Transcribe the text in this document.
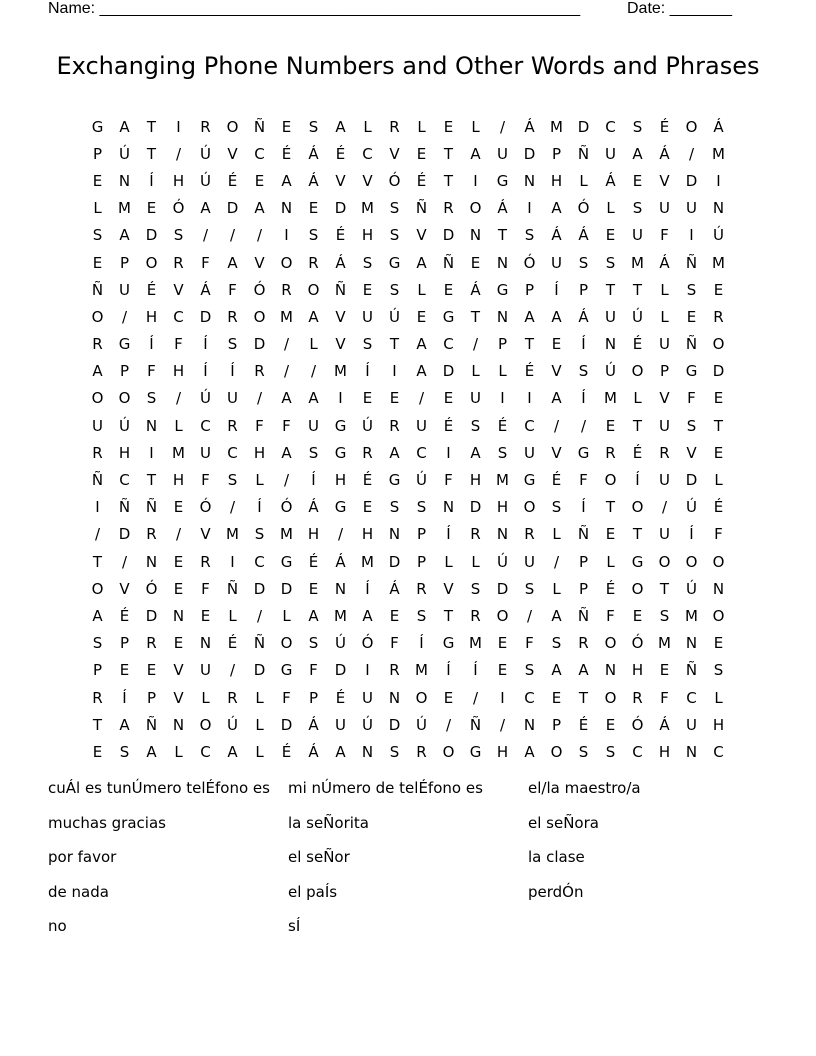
Name: ______________________________________________________	Date: _______
Exchanging Phone Numbers and Other Words and Phrases
G	A	T	I	R	O	Ñ	E	S	A	L	R	L	E	L	/	Á	M D	C	S	É	O	Á
P	Ú	T	/	Ú	V	C	É	Á	É	C	V	E	T	A	U	D	P	Ñ	U	A	Á	/	M
E	N	Í	H	Ú	É	E	A	Á	V	V	Ó	É	T	I	G	N	H	L	Á	E	V	D	I
L	M	E	Ó	A	D	A	N	E	D M	S	Ñ	R	O	Á	I	A	Ó	L	S	U	U	N
S	A	D	S	/	/	/	I	S	É	H	S	V	D	N	T	S	Á	Á	E	U	F	I	Ú
E	P	O	R	F	A	V	O	R	Á	S	G	A	Ñ	E	N	Ó	U	S	S	M	Á	Ñ M
Ñ	U	É	V	Á	F	Ó	R	O	Ñ	E	S	L	E	Á	G	P	Í	P	T	T	L	S	E
O	/	H	C	D	R	O M	A	V	U	Ú	E	G	T	N	A	A	Á	U	Ú	L	E	R
R	G	Í	F	Í	S	D	/	L	V	S	T	A	C	/	P	T	E	Í	N	É	U	Ñ	O
A	P	F	H	Í	Í	R	/	/	M	Í	I	A	D	L	L	É	V	S	Ú	O	P	G	D
O	O	S	/	Ú	U	/	A	A	I	E	E	/	E	U	I	I	A	Í	M	L	V	F	E
U	Ú	N	L	C	R	F	F	U	G	Ú	R	U	É	S	É	C	/	/	E	T	U	S	T
R	H	I	M	U	C	H	A	S	G	R	A	C	I	A	S	U	V	G	R	É	R	V	E
Ñ	C	T	H	F	S	L	/	Í	H	É	G	Ú	F	H M G	É	F	O	Í	U	D	L
I	Ñ	Ñ	E	Ó	/	Í	Ó	Á	G	E	S	S	N	D	H	O	S	Í	T	O	/	Ú	É
/	D	R	/	V	M	S	M H	/	H	N	P	Í	R	N	R	L	Ñ	E	T	U	Í	F
T	/	N	E	R	I	C	G	É	Á	M D	P	L	L	Ú	U	/	P	L	G	O	O	O
O	V	Ó	E	F	Ñ	D	D	E	N	Í	Á	R	V	S	D	S	L	P	É	O	T	Ú	N
A	É	D	N	E	L	/	L	A	M	A	E	S	T	R	O	/	A	Ñ	F	E	S	M O
S	P	R	E	N	É	Ñ	O	S	Ú	Ó	F	Í	G M	E	F	S	R	O	Ó M N	E
P	E	E	V	U	/	D	G	F	D	I	R	M	Í	Í	E	S	A	A	N	H	E	Ñ	S
R	Í	P	V	L	R	L	F	P	É	U	N	O	E	/	I	C	E	T	O	R	F	C	L
T	A	Ñ	N	O	Ú	L	D	Á	U	Ú	D	Ú	/	Ñ	/	N	P	É	E	Ó	Á	U	H
E	S	A	L	C	A	L	É	Á	A	N	S	R	O	G	H	A	O	S	S	C	H	N	C
cuÁl es tunÚmero telÉfono es	mi nÚmero de telÉfono es	el/la maestro/a
muchas gracias	la seÑorita	el seÑora
por favor	el seÑor	la clase
de nada	el paÍs	perdÓn
no	sÍ
